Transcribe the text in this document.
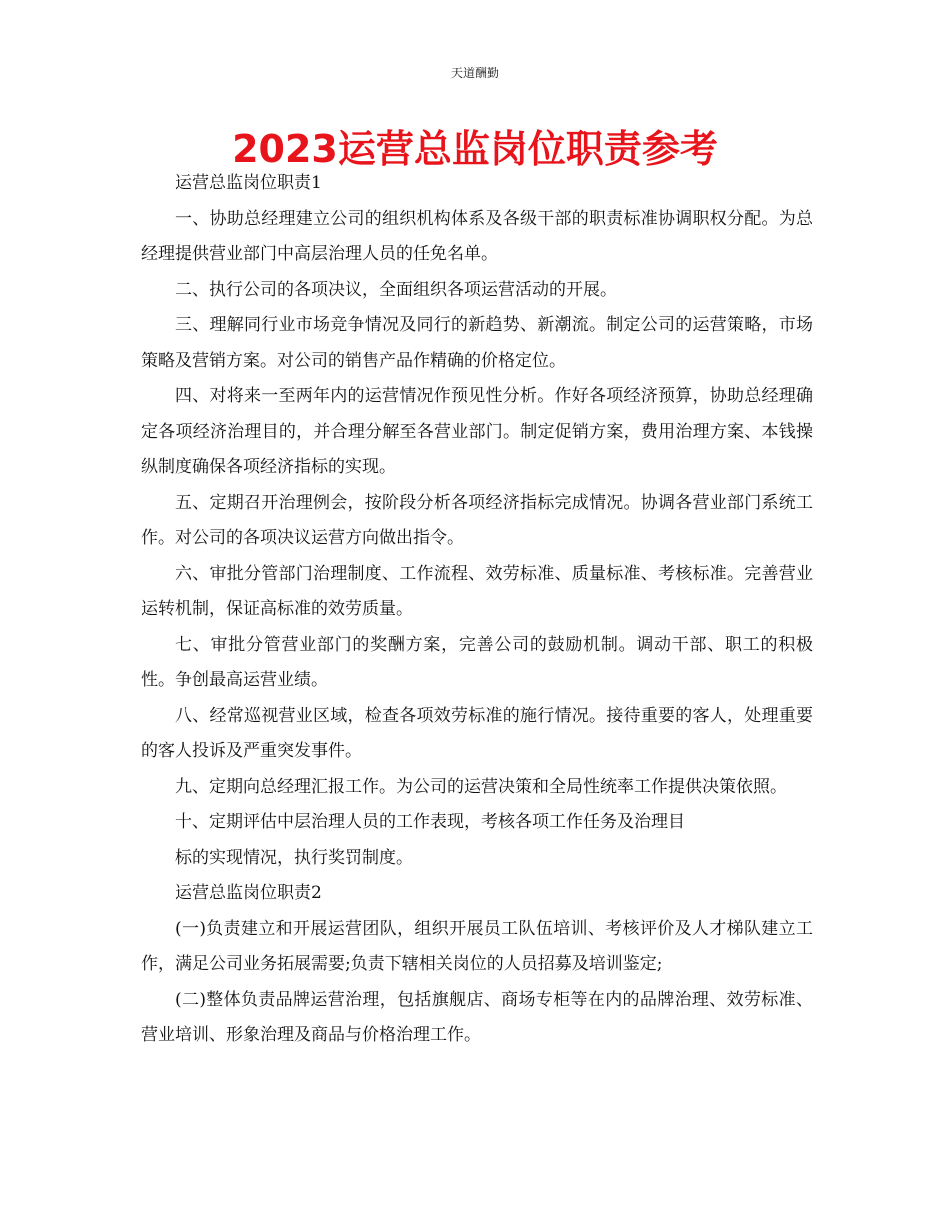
天道酬勤
2023运营总监岗位职责参考

运营总监岗位职责1

一、协助总经理建立公司的组织机构体系及各级干部的职责标准协调职权分配。为总经理提供营业部门中高层治理人员的任免名单。

二、执行公司的各项决议，全面组织各项运营活动的开展。

三、理解同行业市场竞争情况及同行的新趋势、新潮流。制定公司的运营策略，市场策略及营销方案。对公司的销售产品作精确的价格定位。

四、对将来一至两年内的运营情况作预见性分析。作好各项经济预算，协助总经理确定各项经济治理目的，并合理分解至各营业部门。制定促销方案，费用治理方案、本钱操纵制度确保各项经济指标的实现。

五、定期召开治理例会，按阶段分析各项经济指标完成情况。协调各营业部门系统工作。对公司的各项决议运营方向做出指令。

六、审批分管部门治理制度、工作流程、效劳标准、质量标准、考核标准。完善营业运转机制，保证高标准的效劳质量。

七、审批分管营业部门的奖酬方案，完善公司的鼓励机制。调动干部、职工的积极性。争创最高运营业绩。

八、经常巡视营业区域，检查各项效劳标准的施行情况。接待重要的客人，处理重要的客人投诉及严重突发事件。

九、定期向总经理汇报工作。为公司的运营决策和全局性统率工作提供决策依照。

十、定期评估中层治理人员的工作表现，考核各项工作任务及治理目

标的实现情况，执行奖罚制度。

运营总监岗位职责2

(一)负责建立和开展运营团队，组织开展员工队伍培训、考核评价及人才梯队建立工作，满足公司业务拓展需要;负责下辖相关岗位的人员招募及培训鉴定;

(二)整体负责品牌运营治理，包括旗舰店、商场专柜等在内的品牌治理、效劳标准、营业培训、形象治理及商品与价格治理工作。
